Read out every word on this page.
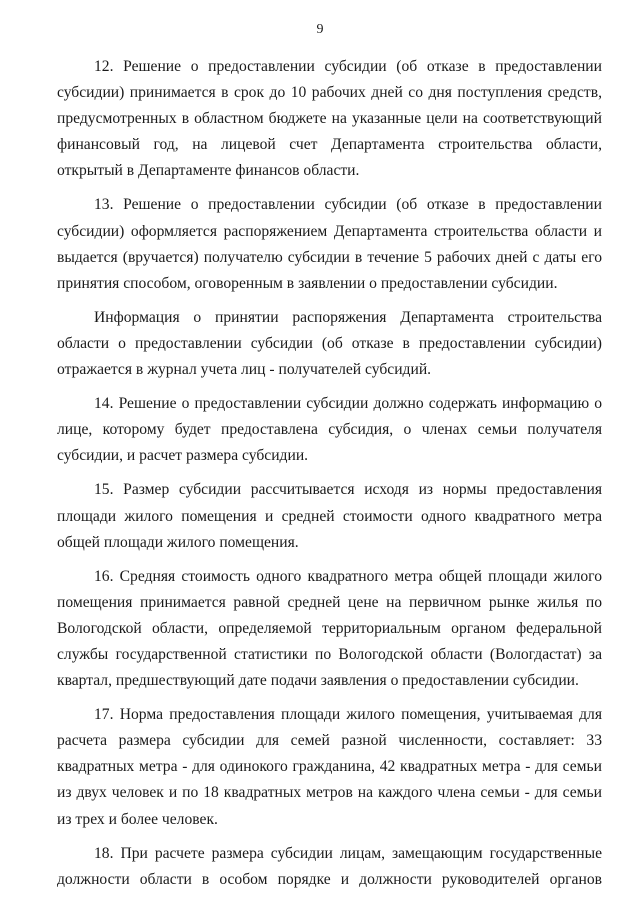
9

12. Решение о предоставлении субсидии (об отказе в предоставлении субсидии) принимается в срок до 10 рабочих дней со дня поступления средств, предусмотренных в областном бюджете на указанные цели на соответствующий финансовый год, на лицевой счет Департамента строительства области, открытый в Департаменте финансов области.

13. Решение о предоставлении субсидии (об отказе в предоставлении субсидии) оформляется распоряжением Департамента строительства области и выдается (вручается) получателю субсидии в течение 5 рабочих дней с даты его принятия способом, оговоренным в заявлении о предоставлении субсидии.

Информация о принятии распоряжения Департамента строительства области о предоставлении субсидии (об отказе в предоставлении субсидии) отражается в журнал учета лиц - получателей субсидий.

14. Решение о предоставлении субсидии должно содержать информацию о лице, которому будет предоставлена субсидия, о членах семьи получателя субсидии, и расчет размера субсидии.

15. Размер субсидии рассчитывается исходя из нормы предоставления площади жилого помещения и средней стоимости одного квадратного метра общей площади жилого помещения.

16. Средняя стоимость одного квадратного метра общей площади жилого помещения принимается равной средней цене на первичном рынке жилья по Вологодской области, определяемой территориальным органом федеральной службы государственной статистики по Вологодской области (Вологдастат) за квартал, предшествующий дате подачи заявления о предоставлении субсидии.

17. Норма предоставления площади жилого помещения, учитываемая для расчета размера субсидии для семей разной численности, составляет: 33 квадратных метра - для одинокого гражданина, 42 квадратных метра - для семьи из двух человек и по 18 квадратных метров на каждого члена семьи - для семьи из трех и более человек.

18. При расчете размера субсидии лицам, замещающим государственные должности области в особом порядке и должности руководителей органов
